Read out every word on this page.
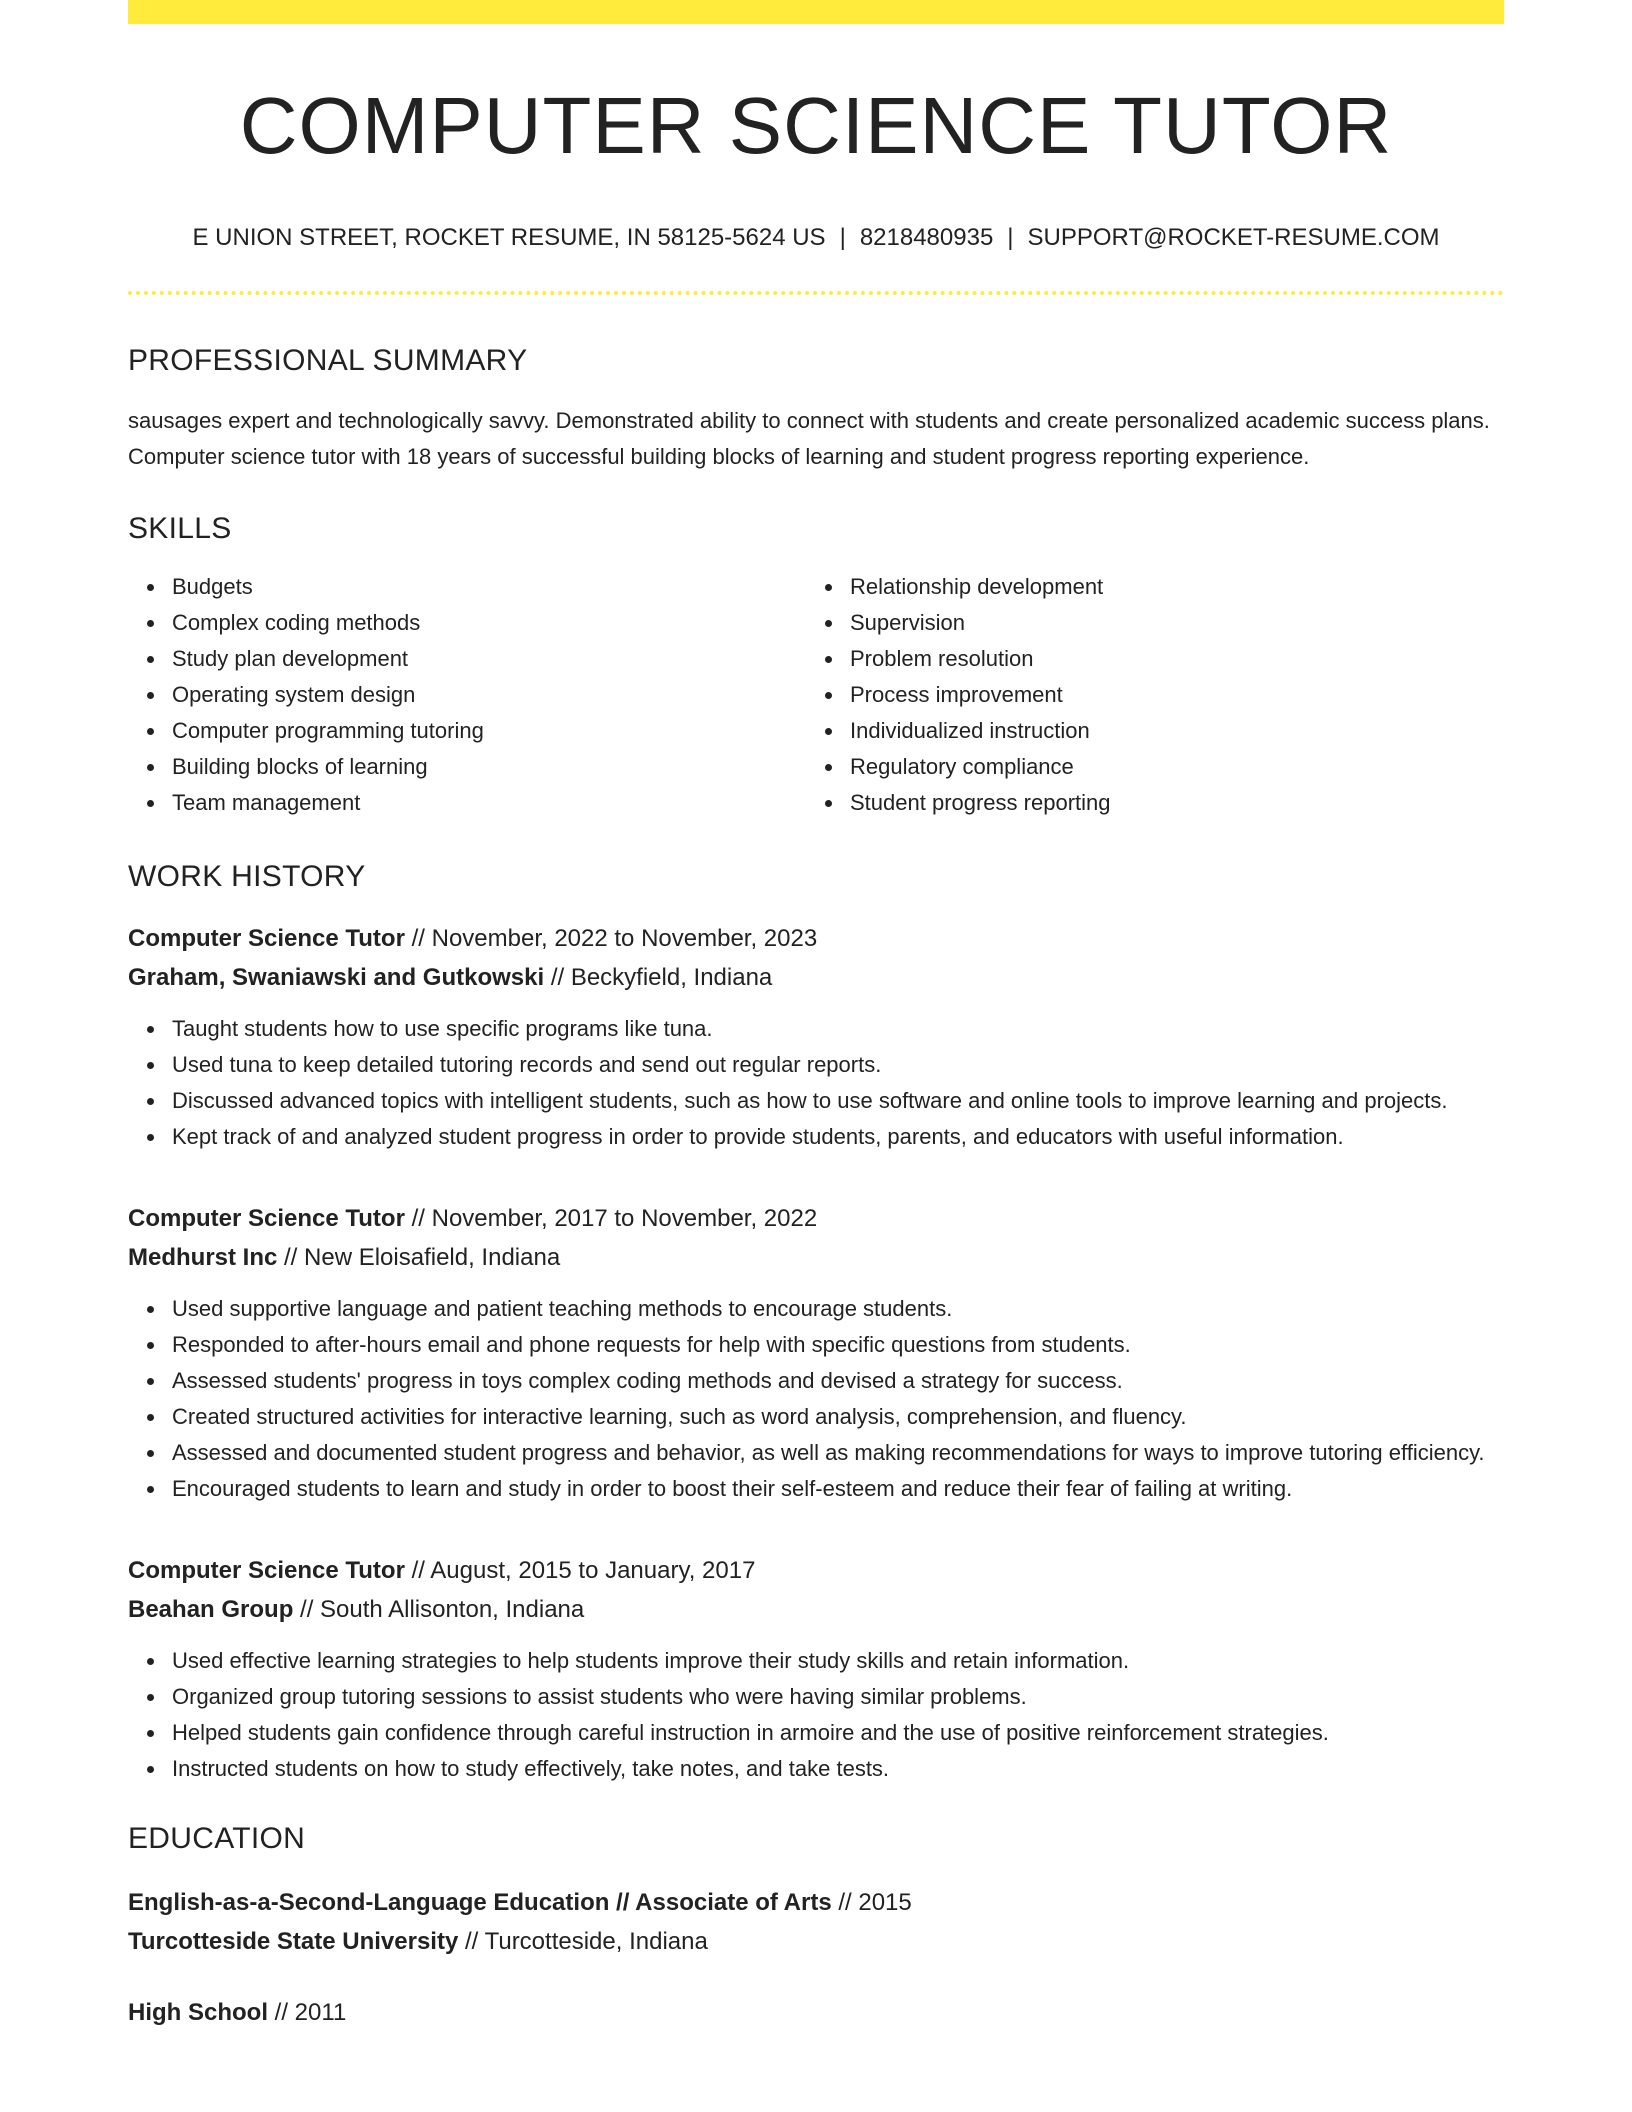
COMPUTER SCIENCE TUTOR
E UNION STREET, ROCKET RESUME, IN 58125-5624 US | 8218480935 | SUPPORT@ROCKET-RESUME.COM
PROFESSIONAL SUMMARY

sausages expert and technologically savvy. Demonstrated ability to connect with students and create personalized academic success plans. Computer science tutor with 18 years of successful building blocks of learning and student progress reporting experience.

SKILLS
Budgets
Complex coding methods
Study plan development
Operating system design
Computer programming tutoring
Building blocks of learning
Team management
Relationship development
Supervision
Problem resolution
Process improvement
Individualized instruction
Regulatory compliance
Student progress reporting
WORK HISTORY
Computer Science Tutor // November, 2022 to November, 2023
Graham, Swaniawski and Gutkowski // Beckyfield, Indiana
Taught students how to use specific programs like tuna.
Used tuna to keep detailed tutoring records and send out regular reports.
Discussed advanced topics with intelligent students, such as how to use software and online tools to improve learning and projects.
Kept track of and analyzed student progress in order to provide students, parents, and educators with useful information.
Computer Science Tutor // November, 2017 to November, 2022
Medhurst Inc // New Eloisafield, Indiana
Used supportive language and patient teaching methods to encourage students.
Responded to after-hours email and phone requests for help with specific questions from students.
Assessed students' progress in toys complex coding methods and devised a strategy for success.
Created structured activities for interactive learning, such as word analysis, comprehension, and fluency.
Assessed and documented student progress and behavior, as well as making recommendations for ways to improve tutoring efficiency.
Encouraged students to learn and study in order to boost their self-esteem and reduce their fear of failing at writing.
Computer Science Tutor // August, 2015 to January, 2017
Beahan Group // South Allisonton, Indiana
Used effective learning strategies to help students improve their study skills and retain information.
Organized group tutoring sessions to assist students who were having similar problems.
Helped students gain confidence through careful instruction in armoire and the use of positive reinforcement strategies.
Instructed students on how to study effectively, take notes, and take tests.
EDUCATION
English-as-a-Second-Language Education // Associate of Arts // 2015
Turcotteside State University // Turcotteside, Indiana
High School // 2011
